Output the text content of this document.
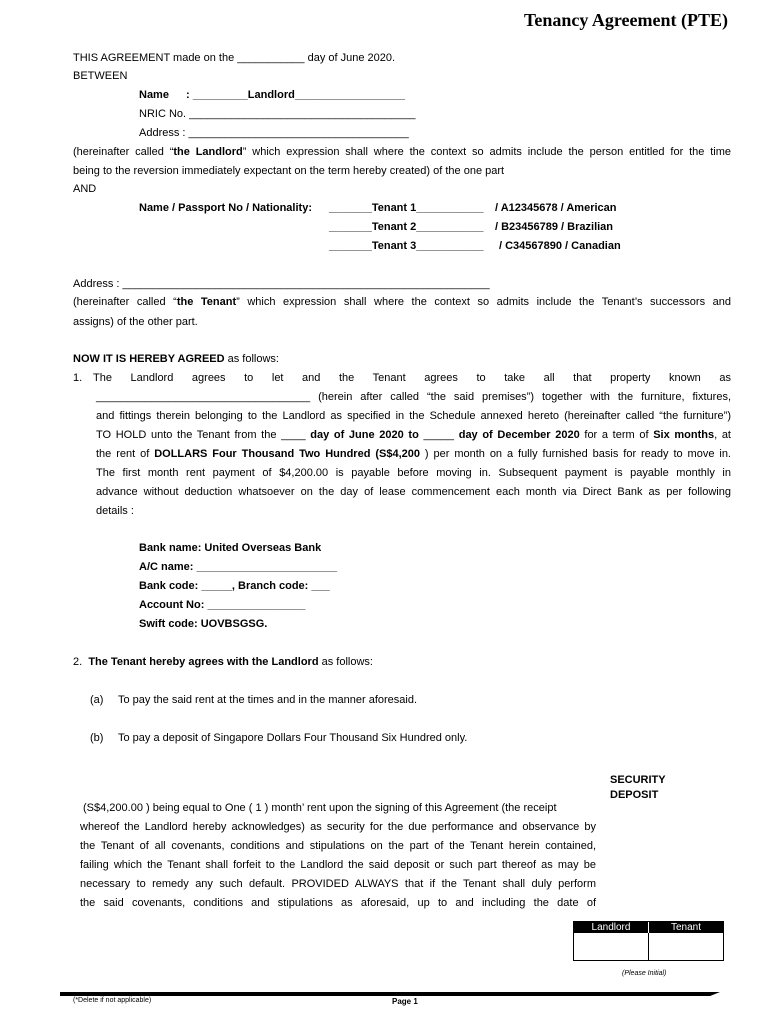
Tenancy Agreement (PTE)
THIS AGREEMENT made on the ___________ day of June 2020.
BETWEEN
Name : _________Landlord__________________
NRIC No. _____________________________________
Address : ____________________________________
(hereinafter called “the Landlord” which expression shall where the context so admits include the person entitled for the time
being to the reversion immediately expectant on the term hereby created) of the one part
AND
Name / Passport No / Nationality: _______Tenant 1___________ / A12345678 / American
_______Tenant 2___________ / B23456789 / Brazilian
_______Tenant 3___________ / C34567890 / Canadian
Address : ____________________________________________________________
(hereinafter called “the Tenant” which expression shall where the context so admits include the Tenant’s successors and
assigns) of the other part.
NOW IT IS HEREBY AGREED as follows:
1. The Landlord agrees to let and the Tenant agrees to take all that property known as
___________________________________ (herein after called “the said premises”) together with the furniture, fixtures,
and fittings therein belonging to the Landlord as specified in the Schedule annexed hereto (hereinafter called “the furniture”)
TO HOLD unto the Tenant from the ____ day of June 2020 to _____ day of December 2020 for a term of Six months, at
the rent of DOLLARS Four Thousand Two Hundred (S$4,200 ) per month on a fully furnished basis for ready to move in.
The first month rent payment of $4,200.00 is payable before moving in. Subsequent payment is payable monthly in
advance without deduction whatsoever on the day of lease commencement each month via Direct Bank as per following
details :
Bank name: United Overseas Bank
A/C name: _______________________
Bank code: _____, Branch code: ___
Account No: ________________
Swift code: UOVBSGSG.
2. The Tenant hereby agrees with the Landlord as follows:
(a) To pay the said rent at the times and in the manner aforesaid.
(b) To pay a deposit of Singapore Dollars Four Thousand Six Hundred only.
SECURITY
DEPOSIT
(S$4,200.00 ) being equal to One ( 1 ) month’ rent upon the signing of this Agreement (the receipt
whereof the Landlord hereby acknowledges) as security for the due performance and observance by
the Tenant of all covenants, conditions and stipulations on the part of the Tenant herein contained,
failing which the Tenant shall forfeit to the Landlord the said deposit or such part thereof as may be
necessary to remedy any such default. PROVIDED ALWAYS that if the Tenant shall duly perform
the said covenants, conditions and stipulations as aforesaid, up to and including the date of
Landlord	Tenant
(Please Initial)
(*Delete if not applicable)	Page 1
